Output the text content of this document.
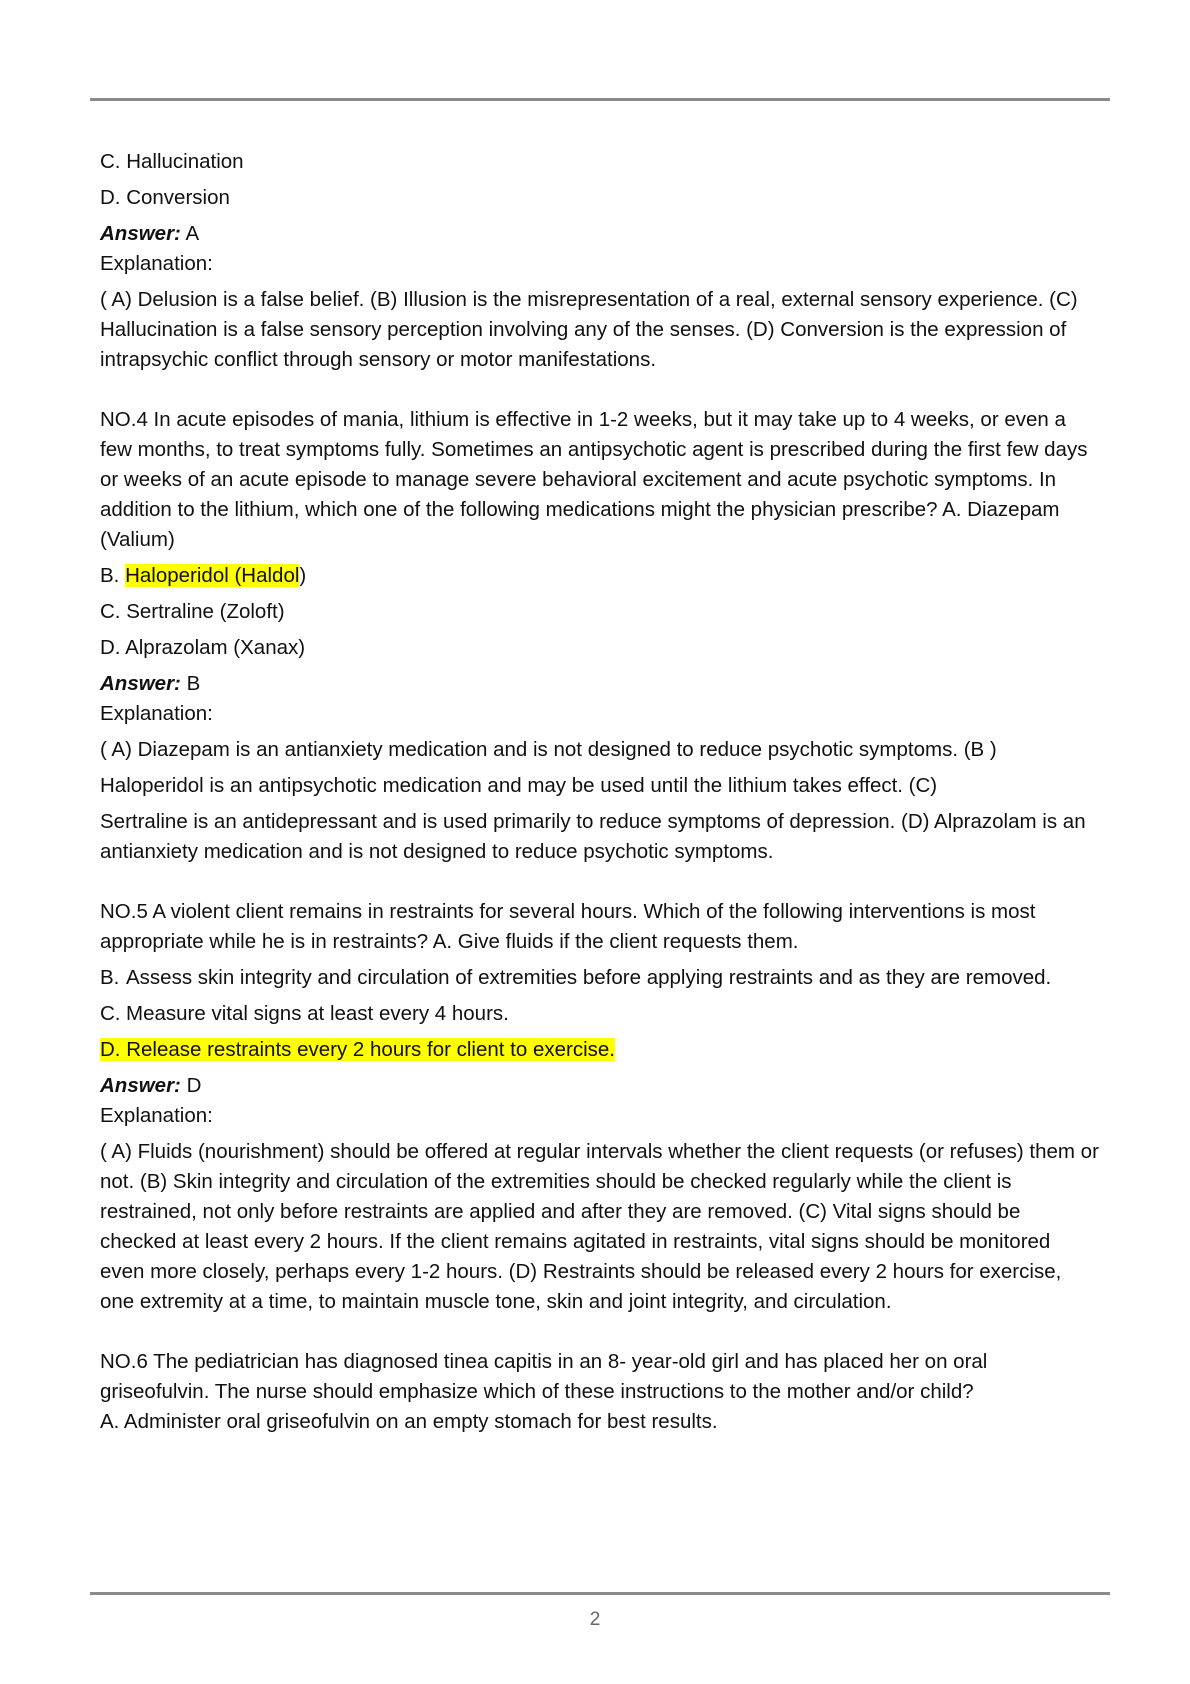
C. Hallucination

D. Conversion

Answer: A

Explanation:

( A) Delusion is a false belief. (B) Illusion is the misrepresentation of a real, external sensory experience. (C) Hallucination is a false sensory perception involving any of the senses. (D) Conversion is the expression of intrapsychic conflict through sensory or motor manifestations.

NO.4 In acute episodes of mania, lithium is effective in 1-2 weeks, but it may take up to 4 weeks, or even a few months, to treat symptoms fully. Sometimes an antipsychotic agent is prescribed during the first few days or weeks of an acute episode to manage severe behavioral excitement and acute psychotic symptoms. In addition to the lithium, which one of the following medications might the physician prescribe? A. Diazepam (Valium)

B. Haloperidol (Haldol)

C. Sertraline (Zoloft)

D. Alprazolam (Xanax)

Answer: B

Explanation:

( A) Diazepam is an antianxiety medication and is not designed to reduce psychotic symptoms. (B )

Haloperidol is an antipsychotic medication and may be used until the lithium takes effect. (C)

Sertraline is an antidepressant and is used primarily to reduce symptoms of depression. (D) Alprazolam is an antianxiety medication and is not designed to reduce psychotic symptoms.

NO.5 A violent client remains in restraints for several hours. Which of the following interventions is most appropriate while he is in restraints? A. Give fluids if the client requests them.

B. Assess skin integrity and circulation of extremities before applying restraints and as they are removed.
C. Measure vital signs at least every 4 hours.

D. Release restraints every 2 hours for client to exercise.

Answer: D

Explanation:

( A) Fluids (nourishment) should be offered at regular intervals whether the client requests (or refuses) them or not. (B) Skin integrity and circulation of the extremities should be checked regularly while the client is restrained, not only before restraints are applied and after they are removed. (C) Vital signs should be checked at least every 2 hours. If the client remains agitated in restraints, vital signs should be monitored even more closely, perhaps every 1-2 hours. (D) Restraints should be released every 2 hours for exercise, one extremity at a time, to maintain muscle tone, skin and joint integrity, and circulation.

NO.6 The pediatrician has diagnosed tinea capitis in an 8- year-old girl and has placed her on oral griseofulvin. The nurse should emphasize which of these instructions to the mother and/or child?

A. Administer oral griseofulvin on an empty stomach for best results.

2
